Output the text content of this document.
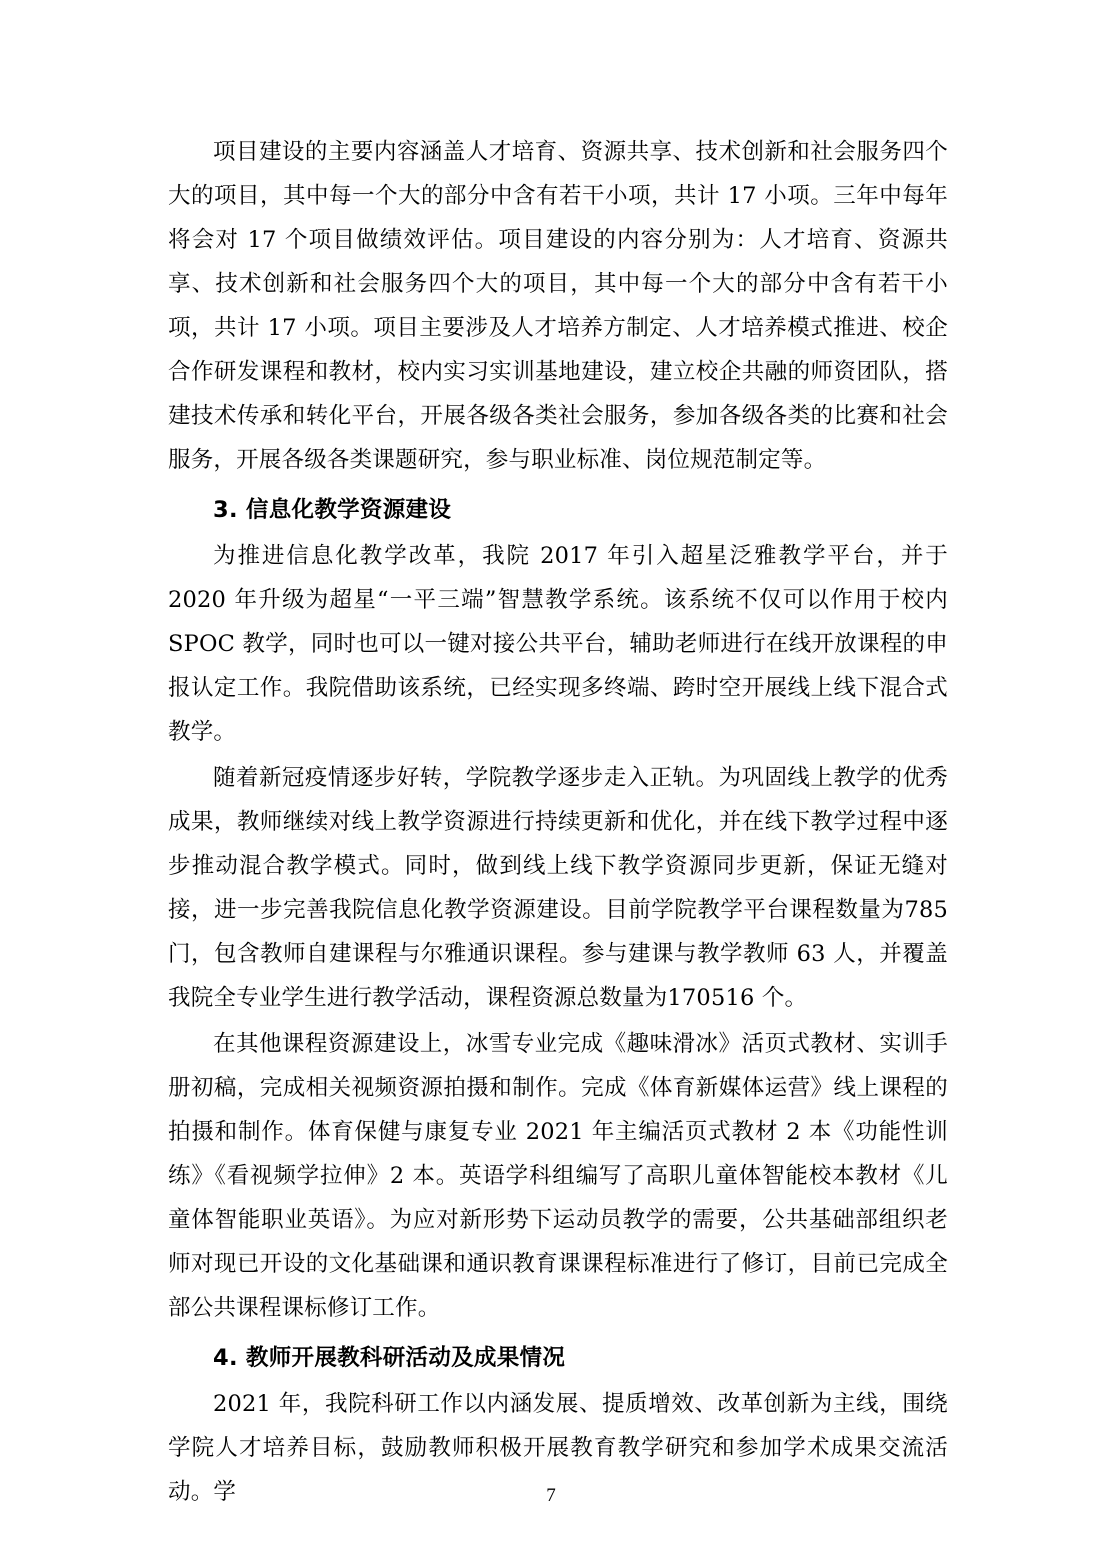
项目建设的主要内容涵盖人才培育、资源共享、技术创新和社会服务四个大的项目，其中每一个大的部分中含有若干小项，共计 17 小项。三年中每年将会对 17 个项目做绩效评估。项目建设的内容分别为：人才培育、资源共享、技术创新和社会服务四个大的项目，其中每一个大的部分中含有若干小项，共计 17 小项。项目主要涉及人才培养方制定、人才培养模式推进、校企合作研发课程和教材，校内实习实训基地建设，建立校企共融的师资团队，搭建技术传承和转化平台，开展各级各类社会服务，参加各级各类的比赛和社会服务，开展各级各类课题研究，参与职业标准、岗位规范制定等。

3. 信息化教学资源建设

为推进信息化教学改革，我院 2017 年引入超星泛雅教学平台，并于 2020 年升级为超星“一平三端”智慧教学系统。该系统不仅可以作用于校内 SPOC 教学，同时也可以一键对接公共平台，辅助老师进行在线开放课程的申报认定工作。我院借助该系统，已经实现多终端、跨时空开展线上线下混合式教学。

随着新冠疫情逐步好转，学院教学逐步走入正轨。为巩固线上教学的优秀成果，教师继续对线上教学资源进行持续更新和优化，并在线下教学过程中逐步推动混合教学模式。同时，做到线上线下教学资源同步更新，保证无缝对接，进一步完善我院信息化教学资源建设。目前学院教学平台课程数量为785 门，包含教师自建课程与尔雅通识课程。参与建课与教学教师 63 人，并覆盖我院全专业学生进行教学活动，课程资源总数量为170516 个。

在其他课程资源建设上，冰雪专业完成《趣味滑冰》活页式教材、实训手册初稿，完成相关视频资源拍摄和制作。完成《体育新媒体运营》线上课程的拍摄和制作。体育保健与康复专业 2021 年主编活页式教材 2 本《功能性训练》《看视频学拉伸》2 本。英语学科组编写了高职儿童体智能校本教材《儿童体智能职业英语》。为应对新形势下运动员教学的需要，公共基础部组织老师对现已开设的文化基础课和通识教育课课程标准进行了修订，目前已完成全部公共课程课标修订工作。

4. 教师开展教科研活动及成果情况

2021 年，我院科研工作以内涵发展、提质增效、改革创新为主线，围绕学院人才培养目标，鼓励教师积极开展教育教学研究和参加学术成果交流活动。学	7
